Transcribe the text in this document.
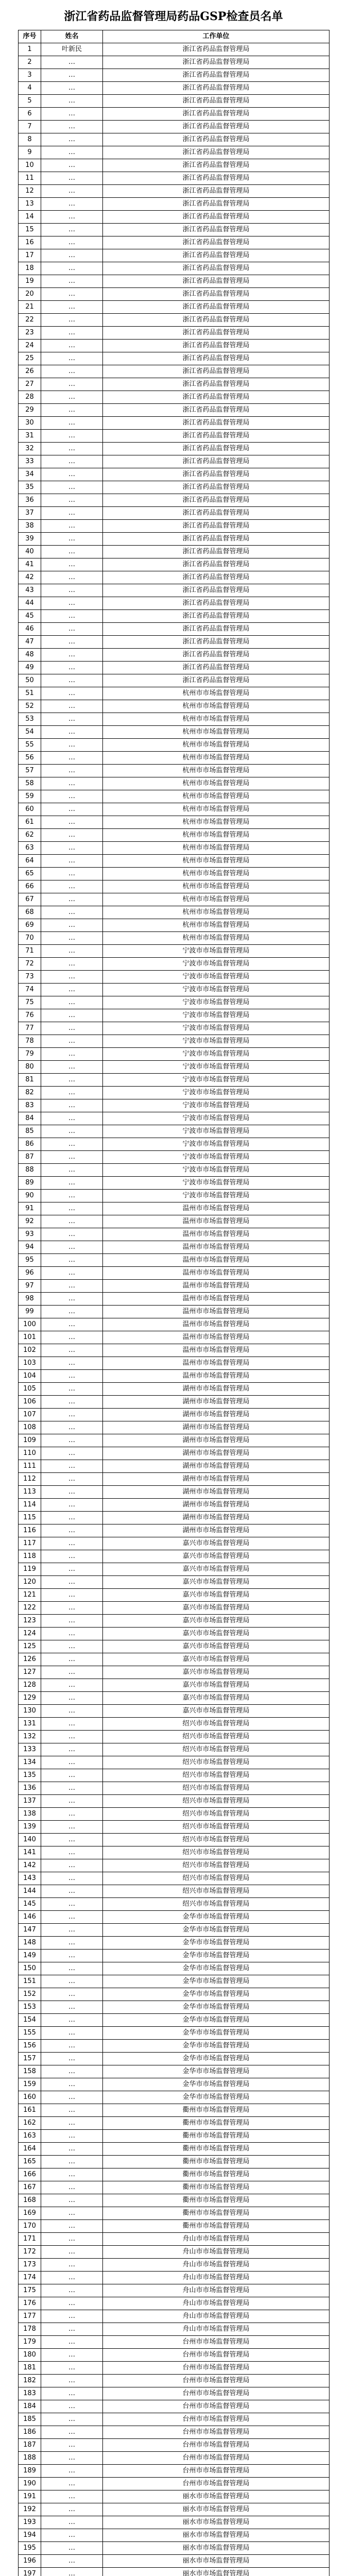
浙江省药品监督管理局药品GSP检查员名单
序号	姓名	工作单位
1	叶新民	浙江省药品监督管理局
2	…	浙江省药品监督管理局
3	…	浙江省药品监督管理局
4	…	浙江省药品监督管理局
5	…	浙江省药品监督管理局
6	…	浙江省药品监督管理局
7	…	浙江省药品监督管理局
8	…	浙江省药品监督管理局
9	…	浙江省药品监督管理局
10	…	浙江省药品监督管理局
11	…	浙江省药品监督管理局
12	…	浙江省药品监督管理局
13	…	浙江省药品监督管理局
14	…	浙江省药品监督管理局
15	…	浙江省药品监督管理局
16	…	浙江省药品监督管理局
17	…	浙江省药品监督管理局
18	…	浙江省药品监督管理局
19	…	浙江省药品监督管理局
20	…	浙江省药品监督管理局
21	…	浙江省药品监督管理局
22	…	浙江省药品监督管理局
23	…	浙江省药品监督管理局
24	…	浙江省药品监督管理局
25	…	浙江省药品监督管理局
26	…	浙江省药品监督管理局
27	…	浙江省药品监督管理局
28	…	浙江省药品监督管理局
29	…	浙江省药品监督管理局
30	…	浙江省药品监督管理局
31	…	浙江省药品监督管理局
32	…	浙江省药品监督管理局
33	…	浙江省药品监督管理局
34	…	浙江省药品监督管理局
35	…	浙江省药品监督管理局
36	…	浙江省药品监督管理局
37	…	浙江省药品监督管理局
38	…	浙江省药品监督管理局
39	…	浙江省药品监督管理局
40	…	浙江省药品监督管理局
41	…	浙江省药品监督管理局
42	…	浙江省药品监督管理局
43	…	浙江省药品监督管理局
44	…	浙江省药品监督管理局
45	…	浙江省药品监督管理局
46	…	浙江省药品监督管理局
47	…	浙江省药品监督管理局
48	…	浙江省药品监督管理局
49	…	浙江省药品监督管理局
50	…	浙江省药品监督管理局
51	…	杭州市市场监督管理局
52	…	杭州市市场监督管理局
53	…	杭州市市场监督管理局
54	…	杭州市市场监督管理局
55	…	杭州市市场监督管理局
56	…	杭州市市场监督管理局
57	…	杭州市市场监督管理局
58	…	杭州市市场监督管理局
59	…	杭州市市场监督管理局
60	…	杭州市市场监督管理局
61	…	杭州市市场监督管理局
62	…	杭州市市场监督管理局
63	…	杭州市市场监督管理局
64	…	杭州市市场监督管理局
65	…	杭州市市场监督管理局
66	…	杭州市市场监督管理局
67	…	杭州市市场监督管理局
68	…	杭州市市场监督管理局
69	…	杭州市市场监督管理局
70	…	杭州市市场监督管理局
71	…	宁波市市场监督管理局
72	…	宁波市市场监督管理局
73	…	宁波市市场监督管理局
74	…	宁波市市场监督管理局
75	…	宁波市市场监督管理局
76	…	宁波市市场监督管理局
77	…	宁波市市场监督管理局
78	…	宁波市市场监督管理局
79	…	宁波市市场监督管理局
80	…	宁波市市场监督管理局
81	…	宁波市市场监督管理局
82	…	宁波市市场监督管理局
83	…	宁波市市场监督管理局
84	…	宁波市市场监督管理局
85	…	宁波市市场监督管理局
86	…	宁波市市场监督管理局
87	…	宁波市市场监督管理局
88	…	宁波市市场监督管理局
89	…	宁波市市场监督管理局
90	…	宁波市市场监督管理局
91	…	温州市市场监督管理局
92	…	温州市市场监督管理局
93	…	温州市市场监督管理局
94	…	温州市市场监督管理局
95	…	温州市市场监督管理局
96	…	温州市市场监督管理局
97	…	温州市市场监督管理局
98	…	温州市市场监督管理局
99	…	温州市市场监督管理局
100	…	温州市市场监督管理局
101	…	温州市市场监督管理局
102	…	温州市市场监督管理局
103	…	温州市市场监督管理局
104	…	温州市市场监督管理局
105	…	湖州市市场监督管理局
106	…	湖州市市场监督管理局
107	…	湖州市市场监督管理局
108	…	湖州市市场监督管理局
109	…	湖州市市场监督管理局
110	…	湖州市市场监督管理局
111	…	湖州市市场监督管理局
112	…	湖州市市场监督管理局
113	…	湖州市市场监督管理局
114	…	湖州市市场监督管理局
115	…	湖州市市场监督管理局
116	…	湖州市市场监督管理局
117	…	嘉兴市市场监督管理局
118	…	嘉兴市市场监督管理局
119	…	嘉兴市市场监督管理局
120	…	嘉兴市市场监督管理局
121	…	嘉兴市市场监督管理局
122	…	嘉兴市市场监督管理局
123	…	嘉兴市市场监督管理局
124	…	嘉兴市市场监督管理局
125	…	嘉兴市市场监督管理局
126	…	嘉兴市市场监督管理局
127	…	嘉兴市市场监督管理局
128	…	嘉兴市市场监督管理局
129	…	嘉兴市市场监督管理局
130	…	嘉兴市市场监督管理局
131	…	绍兴市市场监督管理局
132	…	绍兴市市场监督管理局
133	…	绍兴市市场监督管理局
134	…	绍兴市市场监督管理局
135	…	绍兴市市场监督管理局
136	…	绍兴市市场监督管理局
137	…	绍兴市市场监督管理局
138	…	绍兴市市场监督管理局
139	…	绍兴市市场监督管理局
140	…	绍兴市市场监督管理局
141	…	绍兴市市场监督管理局
142	…	绍兴市市场监督管理局
143	…	绍兴市市场监督管理局
144	…	绍兴市市场监督管理局
145	…	绍兴市市场监督管理局
146	…	金华市市场监督管理局
147	…	金华市市场监督管理局
148	…	金华市市场监督管理局
149	…	金华市市场监督管理局
150	…	金华市市场监督管理局
151	…	金华市市场监督管理局
152	…	金华市市场监督管理局
153	…	金华市市场监督管理局
154	…	金华市市场监督管理局
155	…	金华市市场监督管理局
156	…	金华市市场监督管理局
157	…	金华市市场监督管理局
158	…	金华市市场监督管理局
159	…	金华市市场监督管理局
160	…	金华市市场监督管理局
161	…	衢州市市场监督管理局
162	…	衢州市市场监督管理局
163	…	衢州市市场监督管理局
164	…	衢州市市场监督管理局
165	…	衢州市市场监督管理局
166	…	衢州市市场监督管理局
167	…	衢州市市场监督管理局
168	…	衢州市市场监督管理局
169	…	衢州市市场监督管理局
170	…	衢州市市场监督管理局
171	…	舟山市市场监督管理局
172	…	舟山市市场监督管理局
173	…	舟山市市场监督管理局
174	…	舟山市市场监督管理局
175	…	舟山市市场监督管理局
176	…	舟山市市场监督管理局
177	…	舟山市市场监督管理局
178	…	舟山市市场监督管理局
179	…	台州市市场监督管理局
180	…	台州市市场监督管理局
181	…	台州市市场监督管理局
182	…	台州市市场监督管理局
183	…	台州市市场监督管理局
184	…	台州市市场监督管理局
185	…	台州市市场监督管理局
186	…	台州市市场监督管理局
187	…	台州市市场监督管理局
188	…	台州市市场监督管理局
189	…	台州市市场监督管理局
190	…	台州市市场监督管理局
191	…	丽水市市场监督管理局
192	…	丽水市市场监督管理局
193	…	丽水市市场监督管理局
194	…	丽水市市场监督管理局
195	…	丽水市市场监督管理局
196	…	丽水市市场监督管理局
197	…	丽水市市场监督管理局
